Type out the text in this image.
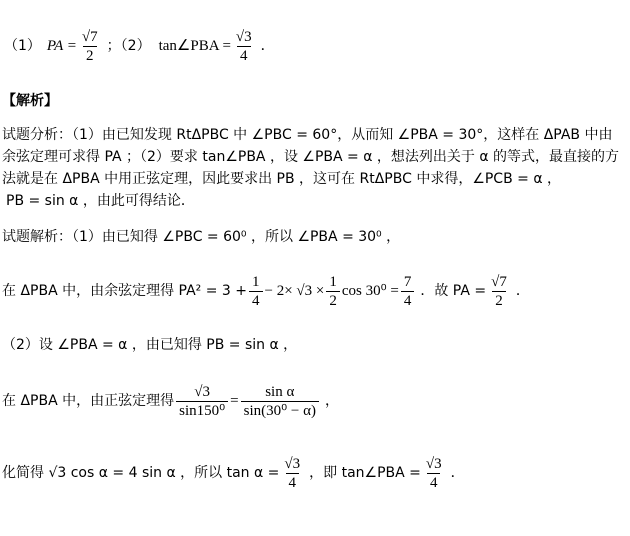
（1） PA = $\frac{√7}{2}$ ；（2） tan∠PBA = $\frac{√3}{4}$ ．
【解析】
试题分析：（1）由已知发现 RtΔPBC 中 ∠PBC = 60°，从而知 ∠PBA = 30°，这样在 ΔPAB 中由
余弦定理可求得 PA ；（2）要求 tan∠PBA ，设 ∠PBA = α ，想法列出关于 α 的等式，最直接的方
法就是在 ΔPBA 中用正弦定理，因此要求出 PB ，这可在 RtΔPBC 中求得，∠PCB = α ，
PB = sin α ，由此可得结论．
试题解析：（1）由已知得 ∠PBC = 60⁰ ，所以 ∠PBA = 30⁰ ，
在 ΔPBA 中，由余弦定理得 $PA^2 = 3 + \frac{1}{4} - 2\times √3 \times \frac{1}{2}$ $\cos 30^0 = \frac{7}{4}$ ．故 PA = $\frac{√7}{2}$ ．
（2）设 ∠PBA = α ，由已知得 PB = sin α ，
在 ΔPBA 中，由正弦定理得 $\frac{√3}{\text{sin150⁰}} = \frac{\text{sin α}}{\text{sin(30⁰ − α)}}$ ，
化简得 √3 cos α = 4 sin α ，所以 $\tan \alpha = \frac{√3}{4}$ ，即 tan∠PBA = $\frac{√3}{4}$ ．
